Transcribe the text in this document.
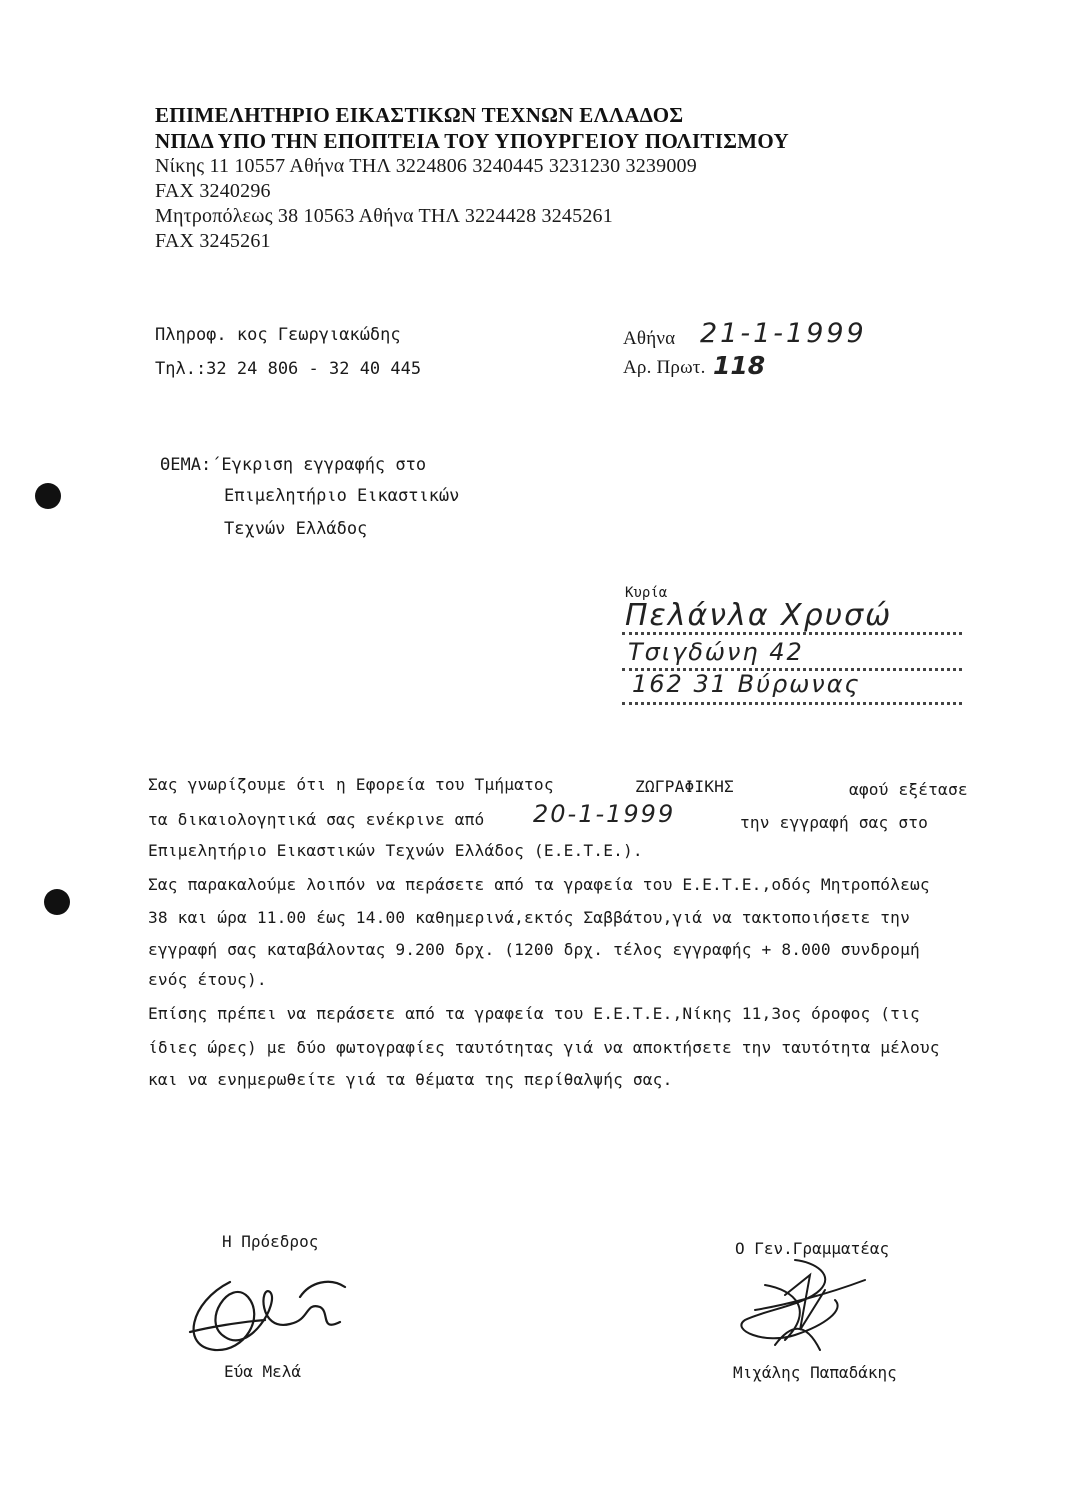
ΕΠΙΜΕΛΗΤΗΡΙΟ ΕΙΚΑΣΤΙΚΩΝ ΤΕΧΝΩΝ ΕΛΛΑΔΟΣ
ΝΠΔΔ ΥΠΟ ΤΗΝ ΕΠΟΠΤΕΙΑ ΤΟΥ ΥΠΟΥΡΓΕΙΟΥ ΠΟΛΙΤΙΣΜΟΥ
Νίκης 11 10557 Αθήνα ΤΗΛ 3224806 3240445 3231230 3239009
FAX 3240296
Μητροπόλεως 38 10563 Αθήνα ΤΗΛ 3224428 3245261
FAX 3245261
Πληροφ. κος Γεωργιακώδης
Τηλ.:32 24 806 - 32 40 445
Αθήνα 21-1-1999
Αρ. Πρωτ. 118
ΘΕΜΑ:΄Εγκριση εγγραφής στο
Επιμελητήριο Εικαστικών
Τεχνών Ελλάδος
Κυρία
Πελάνλα Χρυσώ
Τσιγδώνη 42
162 31 Βύρωνας
Σας γνωρίζουμε ότι η Εφορεία του Τμήματος	ΖΩΓΡΑΦΙΚΗΣ	αφού εξέτασε
τα δικαιολογητικά σας ενέκρινε από 20-1-1999	την εγγραφή σας στο
Επιμελητήριο Εικαστικών Τεχνών Ελλάδος (Ε.Ε.Τ.Ε.).
Σας παρακαλούμε λοιπόν να περάσετε από τα γραφεία του Ε.Ε.Τ.Ε.,οδός Μητροπόλεως
38 και ώρα 11.00 έως 14.00 καθημερινά,εκτός Σαββάτου,γιά να τακτοποιήσετε την
εγγραφή σας καταβάλοντας 9.200 δρχ. (1200 δρχ. τέλος εγγραφής + 8.000 συνδρομή
ενός έτους).
Επίσης πρέπει να περάσετε από τα γραφεία του Ε.Ε.Τ.Ε.,Νίκης 11,3ος όροφος (τις
ίδιες ώρες) με δύο φωτογραφίες ταυτότητας γιά να αποκτήσετε την ταυτότητα μέλους
και να ενημερωθείτε γιά τα θέματα της περίθαλψής σας.
Η Πρόεδρος
Εύα Μελά
Ο Γεν.Γραμματέας
Μιχάλης Παπαδάκης
